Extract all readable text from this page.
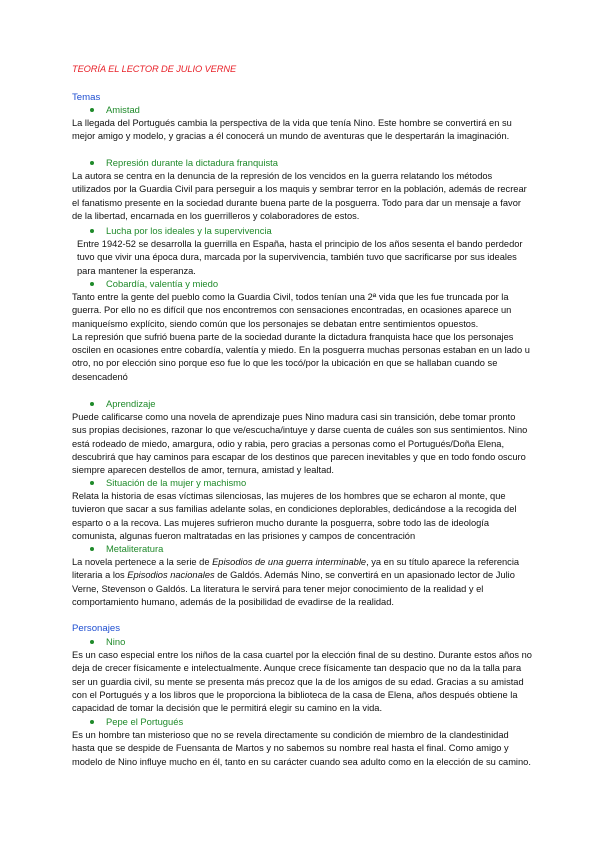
TEORÍA EL LECTOR DE JULIO VERNE
Temas
Amistad

La llegada del Portugués cambia la perspectiva de la vida que tenía Nino. Este hombre se convertirá en su mejor amigo y modelo, y gracias a él conocerá un mundo de aventuras que le despertarán la imaginación.

Represión durante la dictadura franquista

La autora se centra en la denuncia de la represión de los vencidos en la guerra relatando los métodos utilizados por la Guardia Civil para perseguir a los maquis y sembrar terror en la población, además de recrear el fanatismo presente en la sociedad durante buena parte de la posguerra. Todo para dar un mensaje a favor de la libertad, encarnada en los guerrilleros y colaboradores de estos.

Lucha por los ideales y la supervivencia

Entre 1942-52 se desarrolla la guerrilla en España, hasta el principio de los años sesenta el bando perdedor tuvo que vivir una época dura, marcada por la supervivencia, también tuvo que sacrificarse por sus ideales para mantener la esperanza.

Cobardía, valentía y miedo

Tanto entre la gente del pueblo como la Guardia Civil, todos tenían una 2ª vida que les fue truncada por la guerra. Por ello no es difícil que nos encontremos con sensaciones encontradas, en ocasiones aparece un maniqueísmo explícito, siendo común que los personajes se debatan entre sentimientos opuestos.

La represión que sufrió buena parte de la sociedad durante la dictadura franquista hace que los personajes oscilen en ocasiones entre cobardía, valentía y miedo. En la posguerra muchas personas estaban en un lado u otro, no por elección sino porque eso fue lo que les tocó/por la ubicación en que se hallaban cuando se desencadenó

Aprendizaje

Puede calificarse como una novela de aprendizaje pues Nino madura casi sin transición, debe tomar pronto sus propias decisiones, razonar lo que ve/escucha/intuye y darse cuenta de cuáles son sus sentimientos. Nino está rodeado de miedo, amargura, odio y rabia, pero gracias a personas como el Portugués/Doña Elena, descubrirá que hay caminos para escapar de los destinos que parecen inevitables y que en todo fondo oscuro siempre aparecen destellos de amor, ternura, amistad y lealtad.

Situación de la mujer y machismo

Relata la historia de esas víctimas silenciosas, las mujeres de los hombres que se echaron al monte, que tuvieron que sacar a sus familias adelante solas, en condiciones deplorables, dedicándose a la recogida del esparto o a la recova. Las mujeres sufrieron mucho durante la posguerra, sobre todo las de ideología comunista, algunas fueron maltratadas en las prisiones y campos de concentración

Metaliteratura

La novela pertenece a la serie de Episodios de una guerra interminable, ya en su título aparece la referencia literaria a los Episodios nacionales de Galdós. Además Nino, se convertirá en un apasionado lector de Julio Verne, Stevenson o Galdós. La literatura le servirá para tener mejor conocimiento de la realidad y el comportamiento humano, además de la posibilidad de evadirse de la realidad.

Personajes
Nino

Es un caso especial entre los niños de la casa cuartel por la elección final de su destino. Durante estos años no deja de crecer físicamente e intelectualmente. Aunque crece físicamente tan despacio que no da la talla para ser un guardia civil, su mente se presenta más precoz que la de los amigos de su edad. Gracias a su amistad con el Portugués y a los libros que le proporciona la biblioteca de la casa de Elena, años después obtiene la capacidad de tomar la decisión que le permitirá elegir su camino en la vida.

Pepe el Portugués

Es un hombre tan misterioso que no se revela directamente su condición de miembro de la clandestinidad hasta que se despide de Fuensanta de Martos y no sabemos su nombre real hasta el final. Como amigo y modelo de Nino influye mucho en él, tanto en su carácter cuando sea adulto como en la elección de su camino.
